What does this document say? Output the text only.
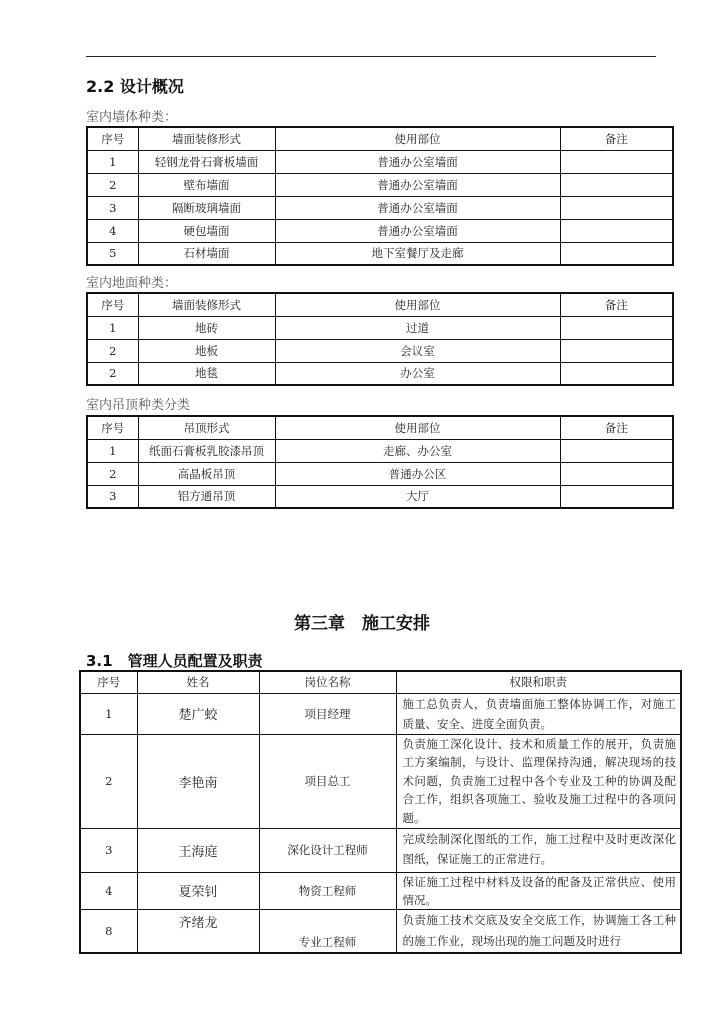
2.2 设计概况
室内墙体种类：
序号	墙面装修形式	使用部位	备注
1	轻钢龙骨石膏板墙面	普通办公室墙面	
2	壁布墙面	普通办公室墙面	
3	隔断玻璃墙面	普通办公室墙面	
4	硬包墙面	普通办公室墙面	
5	石材墙面	地下室餐厅及走廊	
室内地面种类：
序号	墙面装修形式	使用部位	备注
1	地砖	过道	
2	地板	会议室	
2	地毯	办公室	
室内吊顶种类分类
序号	吊顶形式	使用部位	备注
1	纸面石膏板乳胶漆吊顶	走廊、办公室	
2	高晶板吊顶	普通办公区	
3	铝方通吊顶	大厅	
第三章　施工安排
3.1　管理人员配置及职责
序号	姓名	岗位名称	权限和职责
1	楚广蛟	项目经理	施工总负责人，负责墙面施工整体协调工作，对施工质量、安全、进度全面负责。
2	李艳南	项目总工	负责施工深化设计、技术和质量工作的展开，负责施工方案编制，与设计、监理保持沟通，解决现场的技术问题，负责施工过程中各个专业及工种的协调及配合工作，组织各项施工、验收及施工过程中的各项问题。
3	王海庭	深化设计工程师	完成绘制深化图纸的工作，施工过程中及时更改深化图纸，保证施工的正常进行。
4	夏荣钊	物资工程师	保证施工过程中材料及设备的配备及正常供应、使用情况。
8	齐绪龙	专业工程师	负责施工技术交底及安全交底工作，协调施工各工种的施工作业，现场出现的施工问题及时进行
